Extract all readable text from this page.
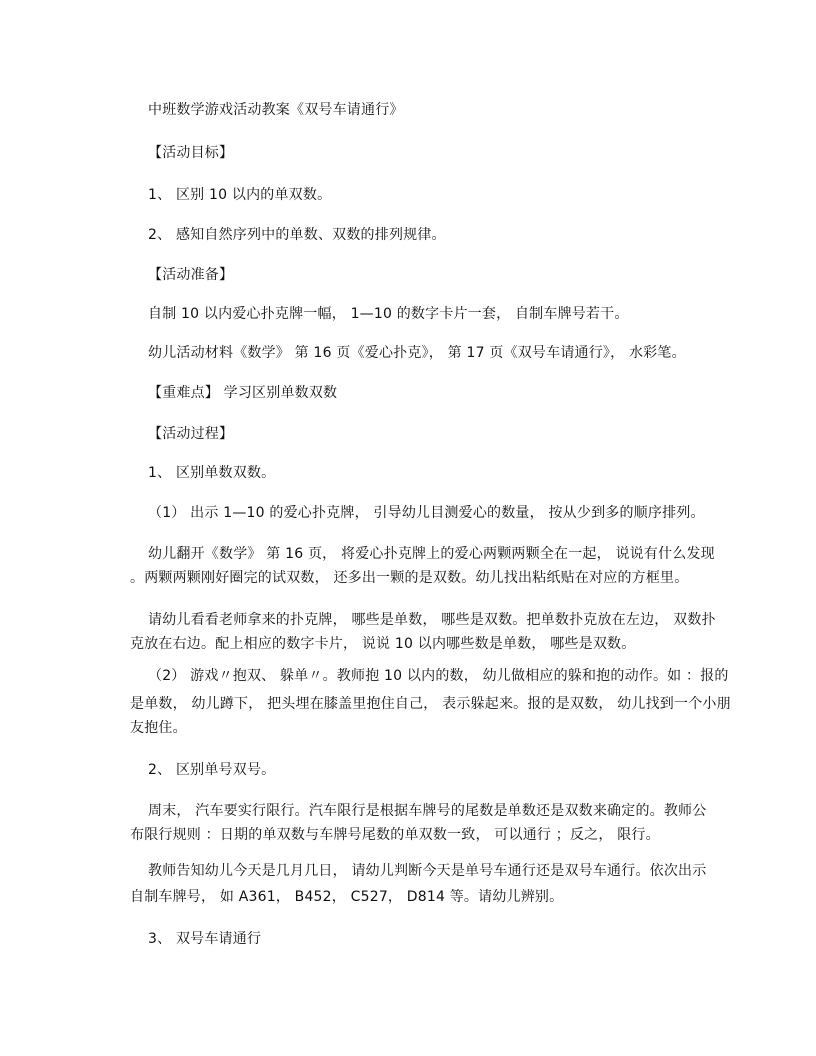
中班数学游戏活动教案《双号车请通行》
【活动目标】
1、 区别 10 以内的单双数。
2、 感知自然序列中的单数、双数的排列规律。
【活动准备】
自制 10 以内爱心扑克牌一幅， 1—10 的数字卡片一套， 自制车牌号若干。
幼儿活动材料《数学》 第 16 页《爱心扑克》， 第 17 页《双号车请通行》， 水彩笔。
【重难点】 学习区别单数双数
【活动过程】
1、 区别单数双数。
（1） 出示 1—10 的爱心扑克牌， 引导幼儿目测爱心的数量， 按从少到多的顺序排列。
幼儿翻开《数学》 第 16 页， 将爱心扑克牌上的爱心两颗两颗全在一起， 说说有什么发现
。两颗两颗刚好圈完的试双数， 还多出一颗的是双数。幼儿找出粘纸贴在对应的方框里。
请幼儿看看老师拿来的扑克牌， 哪些是单数， 哪些是双数。把单数扑克放在左边， 双数扑
克放在右边。配上相应的数字卡片， 说说 10 以内哪些数是单数， 哪些是双数。
（2） 游戏〃抱双、 躲单〃。教师抱 10 以内的数， 幼儿做相应的躲和抱的动作。如 ：报的
是单数， 幼儿蹲下， 把头埋在膝盖里抱住自己， 表示躲起来。报的是双数， 幼儿找到一个小朋
友抱住。
2、 区别单号双号。
周末， 汽车要实行限行。汽车限行是根据车牌号的尾数是单数还是双数来确定的。教师公
布限行规则 ：日期的单双数与车牌号尾数的单双数一致， 可以通行 ；反之， 限行。
教师告知幼儿今天是几月几日， 请幼儿判断今天是单号车通行还是双号车通行。依次出示
自制车牌号， 如 A361， B452， C527， D814 等。请幼儿辨别。
3、 双号车请通行
